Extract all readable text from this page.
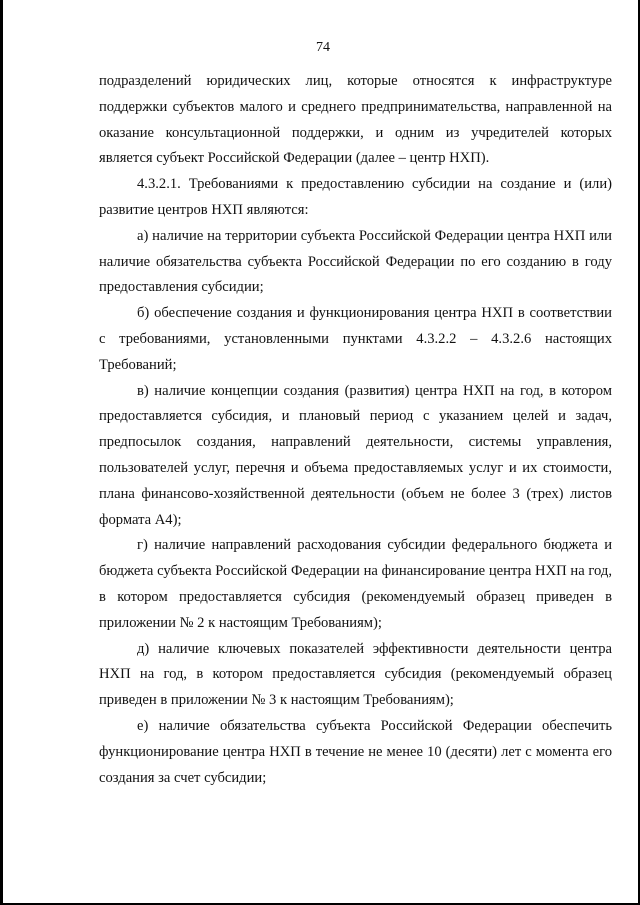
74

подразделений юридических лиц, которые относятся к инфраструктуре поддержки субъектов малого и среднего предпринимательства, направленной на оказание консультационной поддержки, и одним из учредителей которых является субъект Российской Федерации (далее – центр НХП).

4.3.2.1. Требованиями к предоставлению субсидии на создание и (или) развитие центров НХП являются:

а) наличие на территории субъекта Российской Федерации центра НХП или наличие обязательства субъекта Российской Федерации по его созданию в году предоставления субсидии;

б) обеспечение создания и функционирования центра НХП в соответствии с требованиями, установленными пунктами 4.3.2.2 – 4.3.2.6 настоящих Требований;

в) наличие концепции создания (развития) центра НХП на год, в котором предоставляется субсидия, и плановый период с указанием целей и задач, предпосылок создания, направлений деятельности, системы управления, пользователей услуг, перечня и объема предоставляемых услуг и их стоимости, плана финансово-хозяйственной деятельности (объем не более 3 (трех) листов формата А4);

г) наличие направлений расходования субсидии федерального бюджета и бюджета субъекта Российской Федерации на финансирование центра НХП на год, в котором предоставляется субсидия (рекомендуемый образец приведен в приложении № 2 к настоящим Требованиям);

д) наличие ключевых показателей эффективности деятельности центра НХП на год, в котором предоставляется субсидия (рекомендуемый образец приведен в приложении № 3 к настоящим Требованиям);

е) наличие обязательства субъекта Российской Федерации обеспечить функционирование центра НХП в течение не менее 10 (десяти) лет с момента его создания за счет субсидии;
